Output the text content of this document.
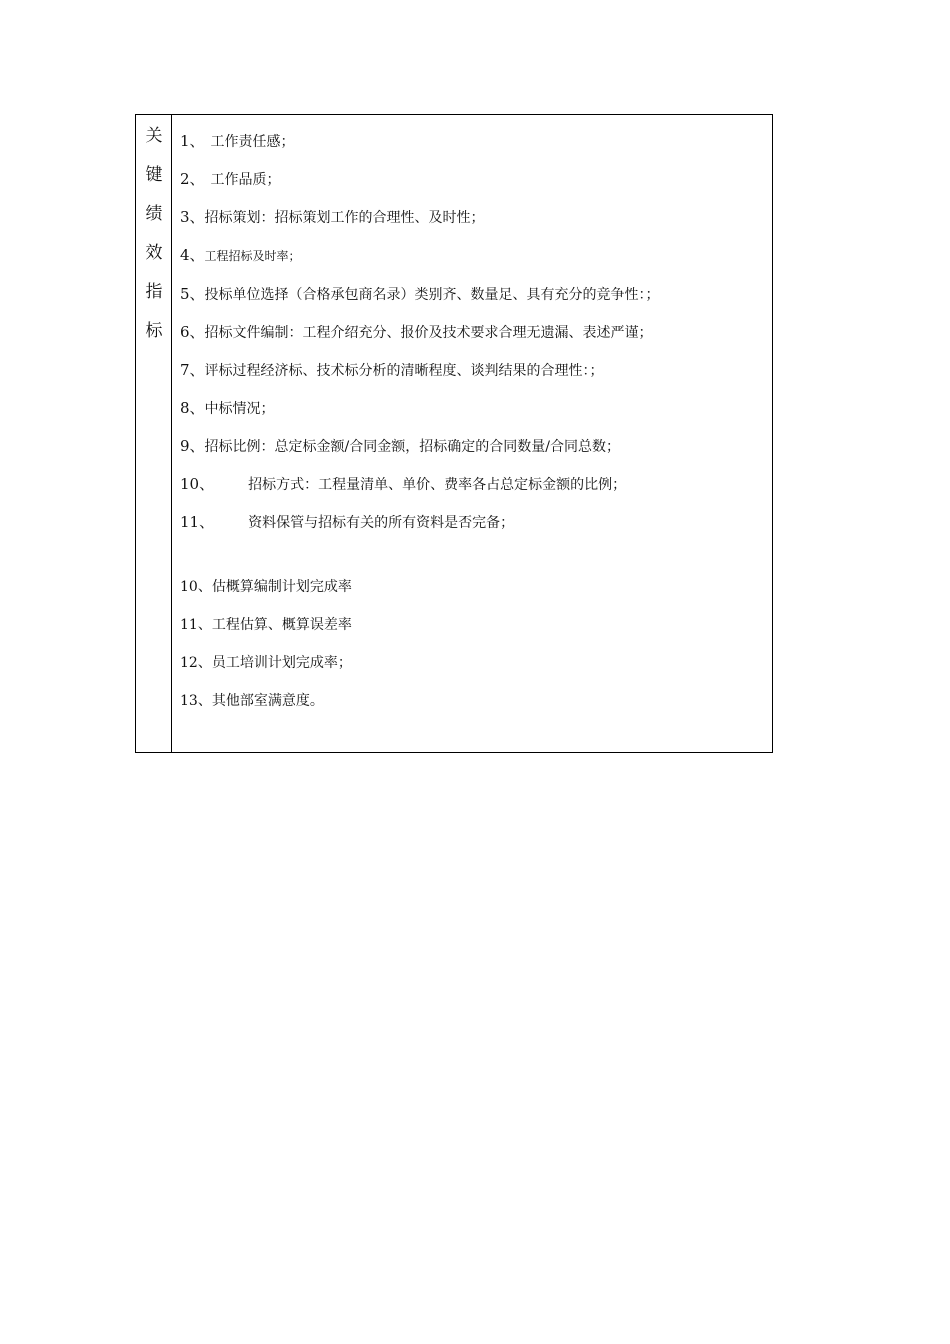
关
键
绩
效
指
标
1、 工作责任感；
2、 工作品质；
3、招标策划：招标策划工作的合理性、及时性；
4、工程招标及时率；
5、投标单位选择（合格承包商名录）类别齐、数量足、具有充分的竞争性：；
6、招标文件编制：工程介绍充分、报价及技术要求合理无遗漏、表述严谨；
7、评标过程经济标、技术标分析的清晰程度、谈判结果的合理性：；
8、中标情况；
9、招标比例：总定标金额/合同金额，招标确定的合同数量/合同总数；
10、 招标方式：工程量清单、单价、费率各占总定标金额的比例；
11、 资料保管与招标有关的所有资料是否完备；
10、估概算编制计划完成率
11、工程估算、概算误差率
12、员工培训计划完成率；
13、其他部室满意度。
